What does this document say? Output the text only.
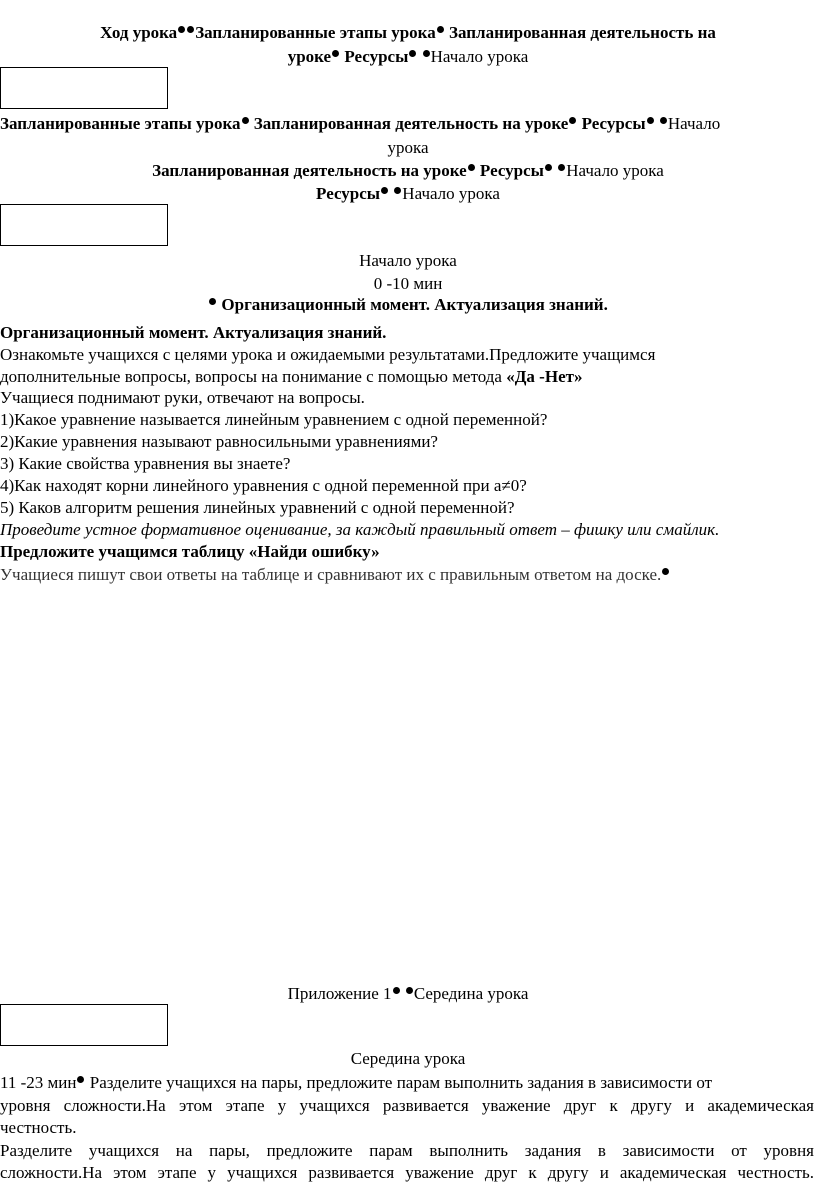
Ход урока Запланированные этапы урока Запланированная деятельность на
уроке Ресурсы Начало урока
Запланированные этапы урока Запланированная деятельность на уроке Ресурсы Начало
урока
Запланированная деятельность на уроке Ресурсы Начало урока
Ресурсы Начало урока
Начало урока
0 -10 мин
Организационный момент. Актуализация знаний.
Организационный момент. Актуализация знаний.
Ознакомьте учащихся с целями урока и ожидаемыми результатами.Предложите учащимся
дополнительные вопросы, вопросы на понимание с помощью метода «Да -Нет»
Учащиеся поднимают руки, отвечают на вопросы.
1)Какое уравнение называется линейным уравнением с одной переменной?
2)Какие уравнения называют равносильными уравнениями?
3) Какие свойства уравнения вы знаете?
4)Как находят корни линейного уравнения с одной переменной при а≠0?
5) Каков алгоритм решения линейных уравнений с одной переменной?
Проведите устное формативное оценивание, за каждый правильный ответ – фишку или смайлик.
Предложите учащимся таблицу «Найди ошибку»
Учащиеся пишут свои ответы на таблице и сравнивают их с правильным ответом на доске.
Приложение 1 Середина урока
Середина урока
11 -23 мин Разделите учащихся на пары, предложите парам выполнить задания в зависимости от
уровня сложности.На этом этапе у учащихся развивается уважение друг к другу и академическая
честность.
Разделите учащихся на пары, предложите парам выполнить задания в зависимости от уровня
сложности.На этом этапе у учащихся развивается уважение друг к другу и академическая честность.
